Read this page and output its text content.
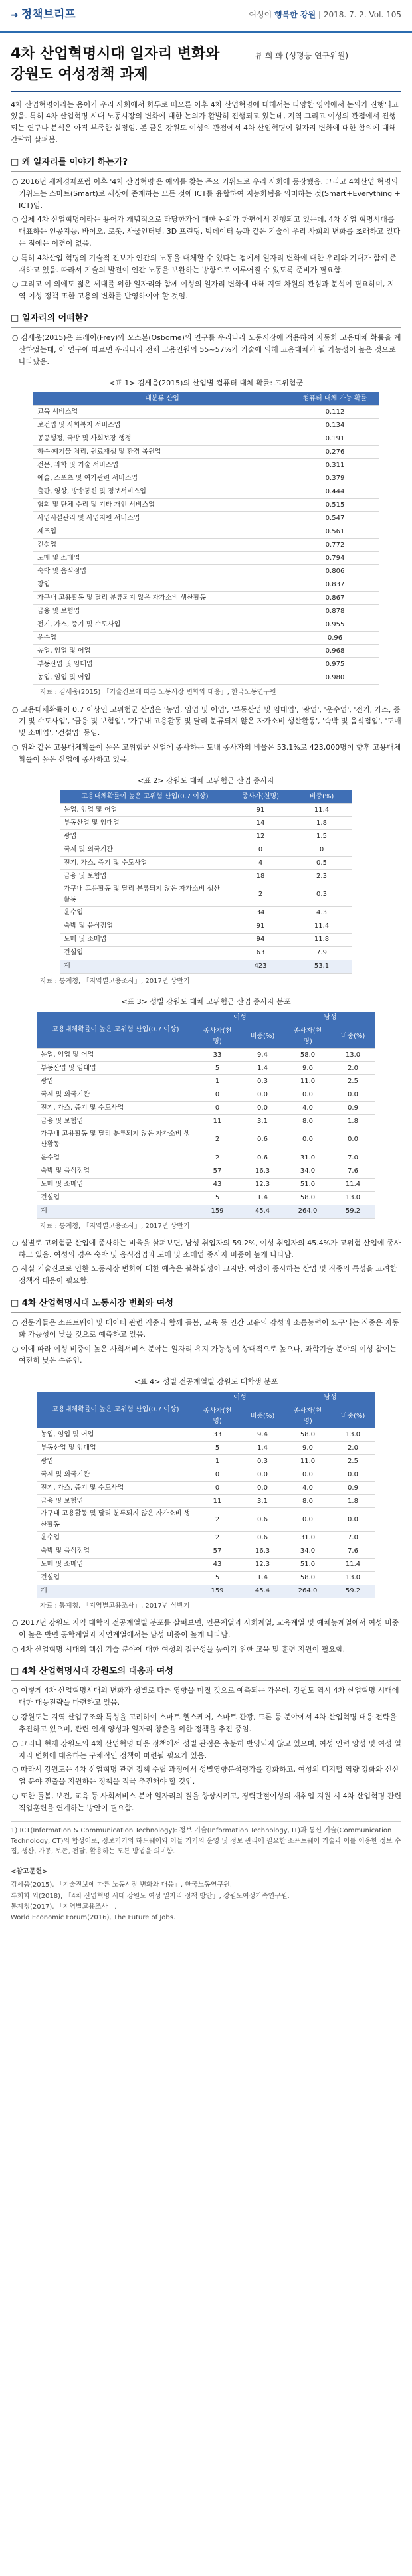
➜ 정책브리프	여성이 행복한 강원 | 2018. 7. 2. Vol. 105
4차 산업혁명시대 일자리 변화와
강원도 여성정책 과제
류 희 화 (성평등 연구위원)
4차 산업혁명이라는 용어가 우리 사회에서 화두로 떠오른 이후 4차 산업혁명에 대해서는 다양한 영역에서 논의가 진행되고 있음. 특히 4차 산업혁명 시대 노동시장의 변화에 대한 논의가 활발히 진행되고 있는데, 지역 그리고 여성의 관점에서 진행되는 연구나 분석은 아직 부족한 실정임. 본 글은 강원도 여성의 관점에서 4차 산업혁명이 일자리 변화에 대한 함의에 대해 간략히 살펴봄.
□ 왜 일자리를 이야기 하는가?
○ 2016년 세계경제포럼 이후 '4차 산업혁명'은 예외를 찾는 주요 키워드로 우리 사회에 등장했음. 그리고 4차산업 혁명의 키워드는 스마트(Smart)로 세상에 존재하는 모든 것에 ICT를 융합하여 지능화됨을 의미하는 것(Smart+Everything + ICT)임.
○ 실제 4차 산업혁명이라는 용어가 개념적으로 타당한가에 대한 논의가 한편에서 진행되고 있는데, 4차 산업 혁명시대를 대표하는 인공지능, 바이오, 로봇, 사물인터넷, 3D 프린팅, 빅데이터 등과 같은 기술이 우리 사회의 변화를 초래하고 있다는 점에는 이견이 없음.
○ 특히 4차산업 혁명의 기술적 진보가 인간의 노동을 대체할 수 있다는 점에서 일자리 변화에 대한 우려와 기대가 함께 존재하고 있음. 따라서 기술의 발전이 인간 노동을 보완하는 방향으로 이루어질 수 있도록 준비가 필요함.
○ 그리고 이 외에도 젊은 세대를 위한 일자리와 함께 여성의 일자리 변화에 대해 지역 차원의 관심과 분석이 필요하며, 지역 여성 정책 또한 고용의 변화를 반영하여야 할 것임.
□ 일자리의 어떠한?
○ 김세움(2015)은 프레이(Frey)와 오스본(Osborne)의 연구를 우리나라 노동시장에 적용하여 자동화 고용대체 확률을 계산하였는데, 이 연구에 따르면 우리나라 전체 고용인원의 55~57%가 기술에 의해 고용대체가 될 가능성이 높은 것으로 나타났음.
<표 1> 김세움(2015)의 산업별 컴퓨터 대체 확률: 고위험군
대분류 산업	컴퓨터 대체 가능 확률
교육 서비스업	0.112
보건업 및 사회복지 서비스업	0.134
공공행정, 국방 및 사회보장 행정	0.191
하수·폐기물 처리, 원료재생 및 환경 복원업	0.276
전문, 과학 및 기술 서비스업	0.311
예술, 스포츠 및 여가관련 서비스업	0.379
출판, 영상, 방송통신 및 정보서비스업	0.444
협회 및 단체 수리 및 기타 개인 서비스업	0.515
사업시설관리 및 사업지원 서비스업	0.547
제조업	0.561
건설업	0.772
도매 및 소매업	0.794
숙박 및 음식점업	0.806
광업	0.837
가구내 고용활동 및 달리 분류되지 않은 자가소비 생산활동	0.867
금융 및 보험업	0.878
전기, 가스, 증기 및 수도사업	0.955
운수업	0.96
농업, 임업 및 어업	0.968
부동산업 및 임대업	0.975
농업, 임업 및 어업	0.980
자료 : 김세움(2015) 「기술진보에 따른 노동시장 변화와 대응」, 한국노동연구원
○ 고용대체확률이 0.7 이상인 고위험군 산업은 '농업, 임업 및 어업', '부동산업 및 임대업', '광업', '운수업', '전기, 가스, 증기 및 수도사업', '금융 및 보험업', '가구내 고용활동 및 달리 분류되지 않은 자가소비 생산활동', '숙박 및 음식점업', '도매 및 소매업', '건설업' 등임.
○ 위와 같은 고용대체확률이 높은 고위험군 산업에 종사하는 도내 종사자의 비율은 53.1%로 423,000명이 향후 고용대체 확률이 높은 산업에 종사하고 있음.
<표 2> 강원도 대체 고위험군 산업 종사자
고용대체확률이 높은 고위험 산업(0.7 이상)	종사자(천명)	비중(%)
농업, 임업 및 어업	91	11.4
부동산업 및 임대업	14	1.8
광업	12	1.5
국제 및 외국기관	0	0
전기, 가스, 증기 및 수도사업	4	0.5
금융 및 보험업	18	2.3
가구내 고용활동 및 달리 분류되지 않은 자가소비 생산활동	2	0.3
운수업	34	4.3
숙박 및 음식점업	91	11.4
도매 및 소매업	94	11.8
건설업	63	7.9
계	423	53.1
자료 : 통계청, 「지역별고용조사」, 2017년 상반기
<표 3> 성별 강원도 대체 고위험군 산업 종사자 분포
고용대체확률이 높은 고위험 산업(0.7 이상)	여성		남성	
	종사자(천명)	비중(%)	종사자(천명)	비중(%)
농업, 임업 및 어업	33	9.4	58.0	13.0
부동산업 및 임대업	5	1.4	9.0	2.0
광업	1	0.3	11.0	2.5
국제 및 외국기관	0	0.0	0.0	0.0
전기, 가스, 증기 및 수도사업	0	0.0	4.0	0.9
금융 및 보험업	11	3.1	8.0	1.8
가구내 고용활동 및 달리 분류되지 않은 자가소비 생산활동	2	0.6	0.0	0.0
운수업	2	0.6	31.0	7.0
숙박 및 음식점업	57	16.3	34.0	7.6
도매 및 소매업	43	12.3	51.0	11.4
건설업	5	1.4	58.0	13.0
계	159	45.4	264.0	59.2
자료 : 통계청, 「지역별고용조사」, 2017년 상반기
○ 성별로 고위험군 산업에 종사하는 비율을 살펴보면, 남성 취업자의 59.2%, 여성 취업자의 45.4%가 고위험 산업에 종사하고 있음. 여성의 경우 숙박 및 음식점업과 도매 및 소매업 종사자 비중이 높게 나타남.
○ 사실 기술진보로 인한 노동시장 변화에 대한 예측은 불확실성이 크지만, 여성이 종사하는 산업 및 직종의 특성을 고려한 정책적 대응이 필요함.
□ 4차 산업혁명시대 노동시장 변화와 여성
○ 전문가들은 소프트웨어 및 데이터 관련 직종과 함께 돌봄, 교육 등 인간 고유의 감성과 소통능력이 요구되는 직종은 자동화 가능성이 낮을 것으로 예측하고 있음.
○ 이에 따라 여성 비중이 높은 사회서비스 분야는 일자리 유지 가능성이 상대적으로 높으나, 과학기술 분야의 여성 참여는 여전히 낮은 수준임.
<표 4> 성별 전공계열별 강원도 대학생 분포
고용대체확률이 높은 고위험 산업(0.7 이상)	여성		남성	
	종사자(천명)	비중(%)	종사자(천명)	비중(%)
농업, 임업 및 어업	33	9.4	58.0	13.0
부동산업 및 임대업	5	1.4	9.0	2.0
광업	1	0.3	11.0	2.5
국제 및 외국기관	0	0.0	0.0	0.0
전기, 가스, 증기 및 수도사업	0	0.0	4.0	0.9
금융 및 보험업	11	3.1	8.0	1.8
가구내 고용활동 및 달리 분류되지 않은 자가소비 생산활동	2	0.6	0.0	0.0
운수업	2	0.6	31.0	7.0
숙박 및 음식점업	57	16.3	34.0	7.6
도매 및 소매업	43	12.3	51.0	11.4
건설업	5	1.4	58.0	13.0
계	159	45.4	264.0	59.2
자료 : 통계청, 「지역별고용조사」, 2017년 상반기
○ 2017년 강원도 지역 대학의 전공계열별 분포를 살펴보면, 인문계열과 사회계열, 교육계열 및 예체능계열에서 여성 비중이 높은 반면 공학계열과 자연계열에서는 남성 비중이 높게 나타남.
○ 4차 산업혁명 시대의 핵심 기술 분야에 대한 여성의 접근성을 높이기 위한 교육 및 훈련 지원이 필요함.
□ 4차 산업혁명시대 강원도의 대응과 여성
○ 이렇게 4차 산업혁명시대의 변화가 성별로 다른 영향을 미칠 것으로 예측되는 가운데, 강원도 역시 4차 산업혁명 시대에 대한 대응전략을 마련하고 있음.
○ 강원도는 지역 산업구조와 특성을 고려하여 스마트 헬스케어, 스마트 관광, 드론 등 분야에서 4차 산업혁명 대응 전략을 추진하고 있으며, 관련 인재 양성과 일자리 창출을 위한 정책을 추진 중임.
○ 그러나 현재 강원도의 4차 산업혁명 대응 정책에서 성별 관점은 충분히 반영되지 않고 있으며, 여성 인력 양성 및 여성 일자리 변화에 대응하는 구체적인 정책이 마련될 필요가 있음.
○ 따라서 강원도는 4차 산업혁명 관련 정책 수립 과정에서 성별영향분석평가를 강화하고, 여성의 디지털 역량 강화와 신산업 분야 진출을 지원하는 정책을 적극 추진해야 할 것임.
○ 또한 돌봄, 보건, 교육 등 사회서비스 분야 일자리의 질을 향상시키고, 경력단절여성의 재취업 지원 시 4차 산업혁명 관련 직업훈련을 연계하는 방안이 필요함.
1) ICT(Information & Communication Technology): 정보 기술(Information Technology, IT)과 통신 기술(Communication Technology, CT)의 합성어로, 정보기기의 하드웨어와 이들 기기의 운영 및 정보 관리에 필요한 소프트웨어 기술과 이를 이용한 정보 수집, 생산, 가공, 보존, 전달, 활용하는 모든 방법을 의미함.
<참고문헌>
김세움(2015), 「기술진보에 따른 노동시장 변화와 대응」, 한국노동연구원.
류희화 외(2018), 「4차 산업혁명 시대 강원도 여성 일자리 정책 방안」, 강원도여성가족연구원.
통계청(2017), 「지역별고용조사」.
World Economic Forum(2016), The Future of Jobs.
